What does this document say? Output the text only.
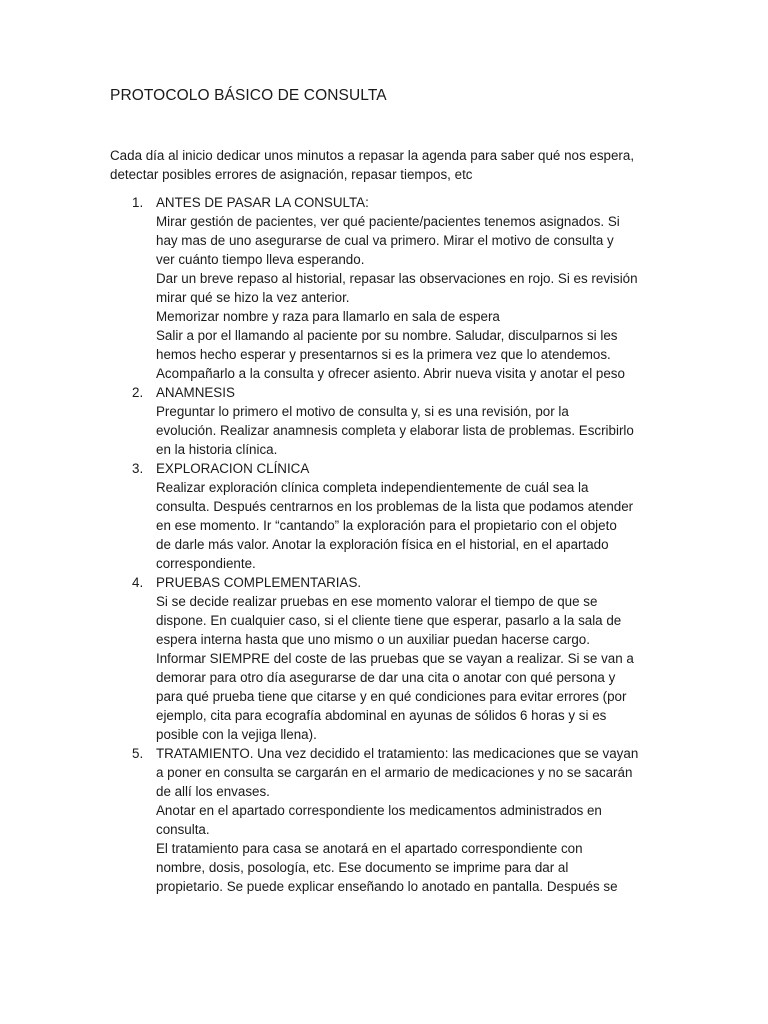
PROTOCOLO BÁSICO DE CONSULTA
Cada día al inicio dedicar unos minutos a repasar la agenda para saber qué nos espera,
detectar posibles errores de asignación, repasar tiempos, etc
1. ANTES DE PASAR LA CONSULTA:
Mirar gestión de pacientes, ver qué paciente/pacientes tenemos asignados. Si
hay mas de uno asegurarse de cual va primero. Mirar el motivo de consulta y
ver cuánto tiempo lleva esperando.
Dar un breve repaso al historial, repasar las observaciones en rojo. Si es revisión
mirar qué se hizo la vez anterior.
Memorizar nombre y raza para llamarlo en sala de espera
Salir a por el llamando al paciente por su nombre. Saludar, disculparnos si les
hemos hecho esperar y presentarnos si es la primera vez que lo atendemos.
Acompañarlo a la consulta y ofrecer asiento. Abrir nueva visita y anotar el peso
2. ANAMNESIS
Preguntar lo primero el motivo de consulta y, si es una revisión, por la
evolución. Realizar anamnesis completa y elaborar lista de problemas. Escribirlo
en la historia clínica.
3. EXPLORACION CLÍNICA
Realizar exploración clínica completa independientemente de cuál sea la
consulta. Después centrarnos en los problemas de la lista que podamos atender
en ese momento. Ir “cantando” la exploración para el propietario con el objeto
de darle más valor. Anotar la exploración física en el historial, en el apartado
correspondiente.
4. PRUEBAS COMPLEMENTARIAS.
Si se decide realizar pruebas en ese momento valorar el tiempo de que se
dispone. En cualquier caso, si el cliente tiene que esperar, pasarlo a la sala de
espera interna hasta que uno mismo o un auxiliar puedan hacerse cargo.
Informar SIEMPRE del coste de las pruebas que se vayan a realizar. Si se van a
demorar para otro día asegurarse de dar una cita o anotar con qué persona y
para qué prueba tiene que citarse y en qué condiciones para evitar errores (por
ejemplo, cita para ecografía abdominal en ayunas de sólidos 6 horas y si es
posible con la vejiga llena).
5. TRATAMIENTO. Una vez decidido el tratamiento: las medicaciones que se vayan
a poner en consulta se cargarán en el armario de medicaciones y no se sacarán
de allí los envases.
Anotar en el apartado correspondiente los medicamentos administrados en
consulta.
El tratamiento para casa se anotará en el apartado correspondiente con
nombre, dosis, posología, etc. Ese documento se imprime para dar al
propietario. Se puede explicar enseñando lo anotado en pantalla. Después se
